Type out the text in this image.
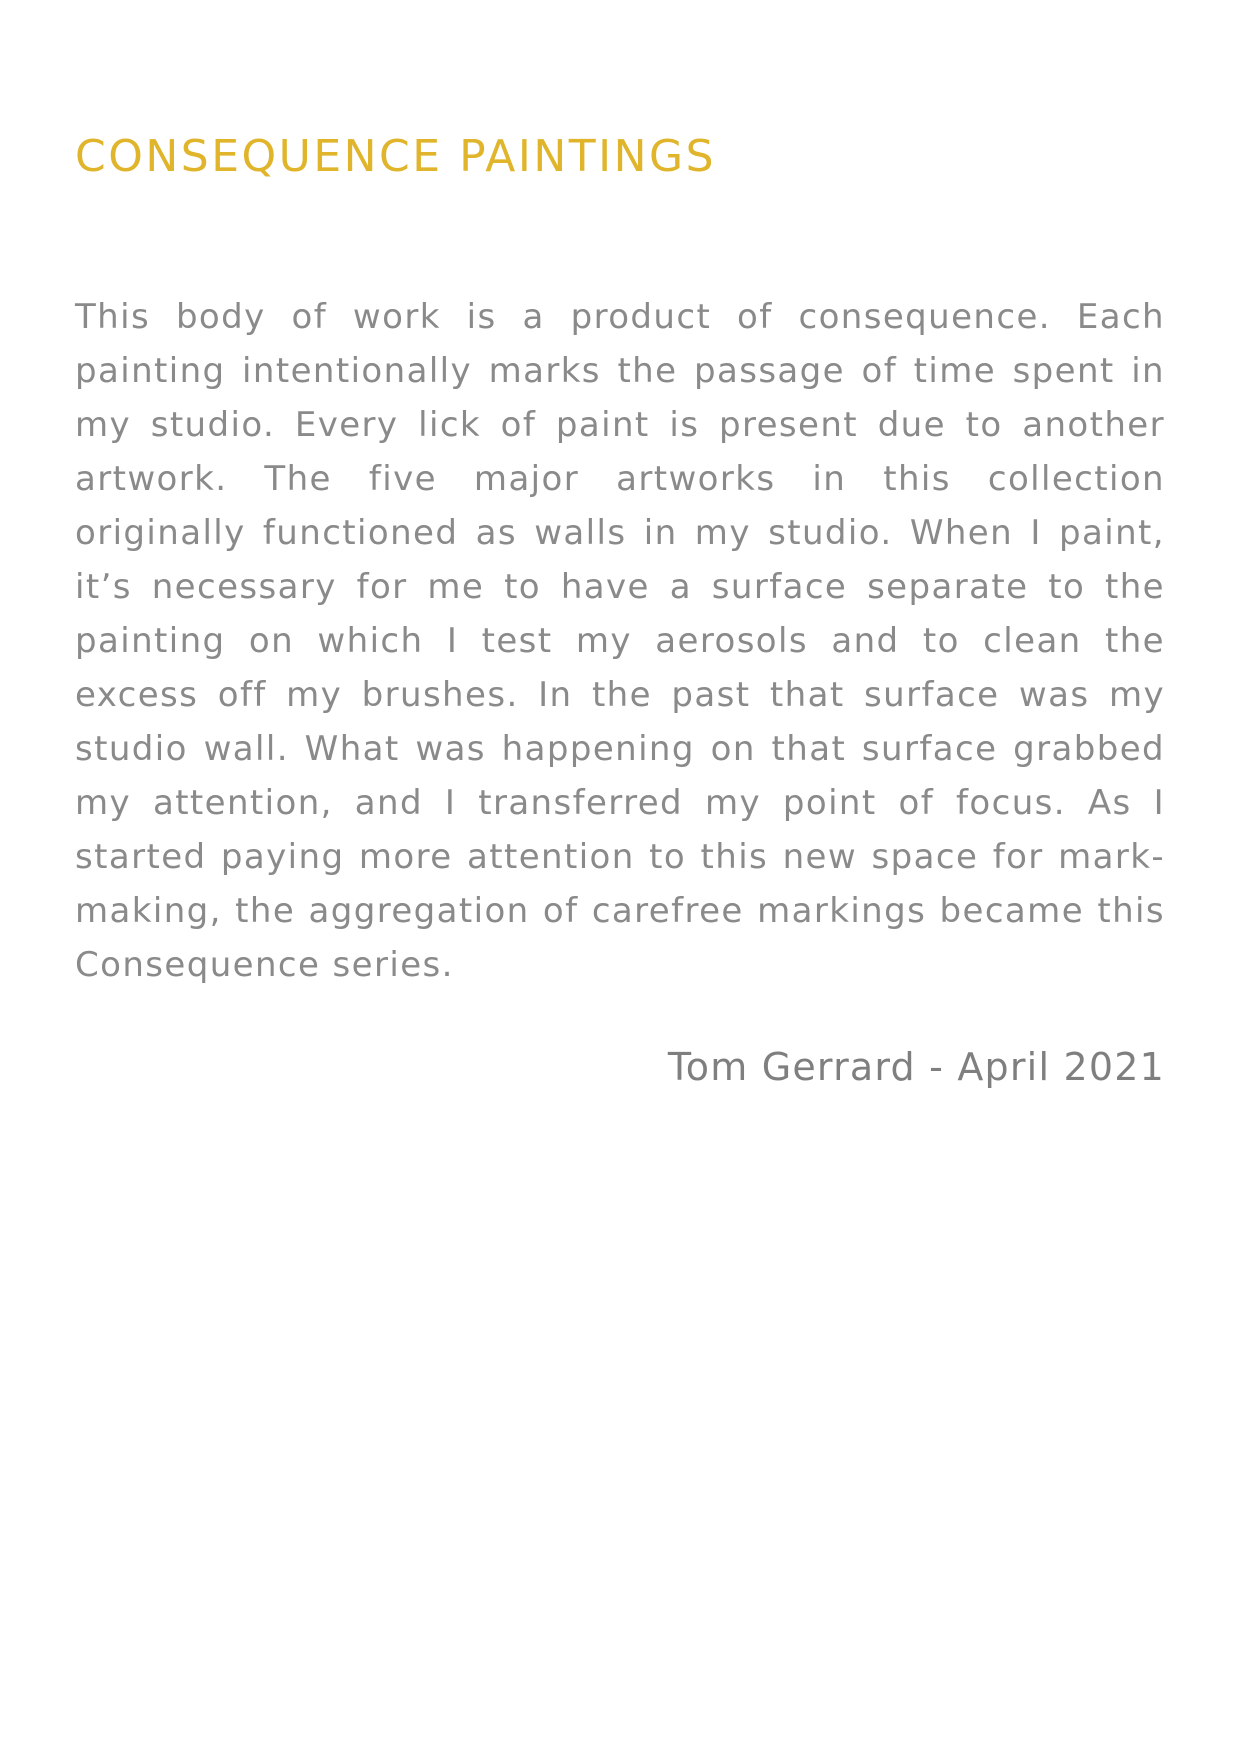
CONSEQUENCE PAINTINGS

This body of work is a product of consequence. Each painting intentionally marks the passage of time spent in my studio. Every lick of paint is present due to another artwork. The five major artworks in this collection originally functioned as walls in my studio. When I paint, it’s necessary for me to have a surface separate to the painting on which I test my aerosols and to clean the excess off my brushes. In the past that surface was my studio wall. What was happening on that surface grabbed my attention, and I transferred my point of focus. As I started paying more attention to this new space for mark-making, the aggregation of carefree markings became this Consequence series.

Tom Gerrard - April 2021
